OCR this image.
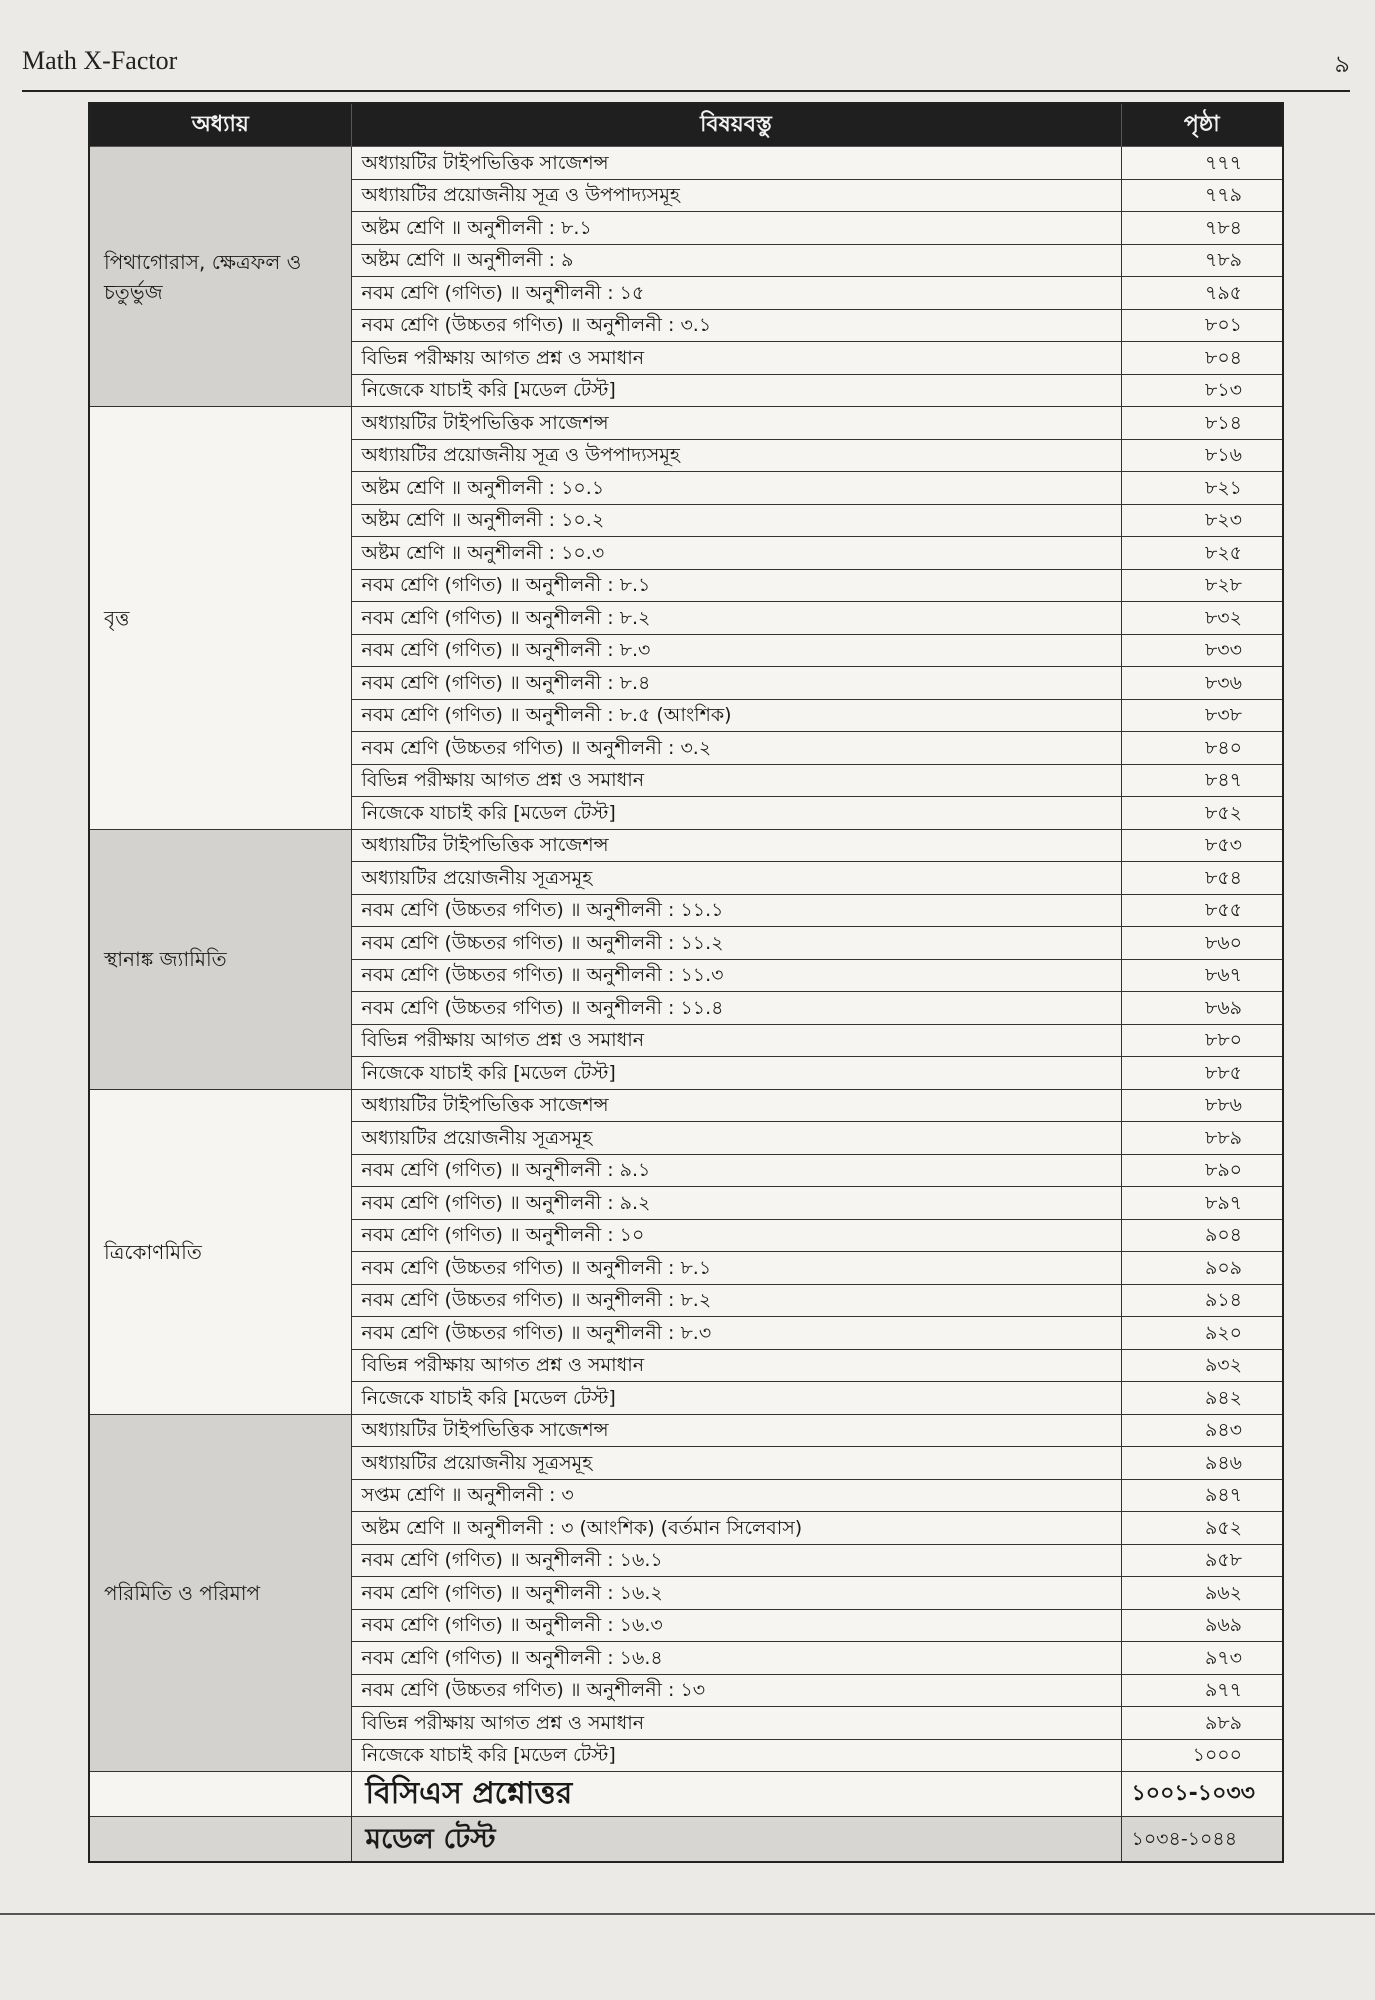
Math X-Factor	৯
অধ্যায়	বিষয়বস্তু	পৃষ্ঠা
পিথাগোরাস, ক্ষেত্রফল ও চতুর্ভুজ	অধ্যায়টির টাইপভিত্তিক সাজেশন্স	৭৭৭
	অধ্যায়টির প্রয়োজনীয় সূত্র ও উপপাদ্যসমূহ	৭৭৯
	অষ্টম শ্রেণি ॥ অনুশীলনী : ৮.১	৭৮৪
	অষ্টম শ্রেণি ॥ অনুশীলনী : ৯	৭৮৯
	নবম শ্রেণি (গণিত) ॥ অনুশীলনী : ১৫	৭৯৫
	নবম শ্রেণি (উচ্চতর গণিত) ॥ অনুশীলনী : ৩.১	৮০১
	বিভিন্ন পরীক্ষায় আগত প্রশ্ন ও সমাধান	৮০৪
	নিজেকে যাচাই করি [মডেল টেস্ট]	৮১৩
বৃত্ত	অধ্যায়টির টাইপভিত্তিক সাজেশন্স	৮১৪
	অধ্যায়টির প্রয়োজনীয় সূত্র ও উপপাদ্যসমূহ	৮১৬
	অষ্টম শ্রেণি ॥ অনুশীলনী : ১০.১	৮২১
	অষ্টম শ্রেণি ॥ অনুশীলনী : ১০.২	৮২৩
	অষ্টম শ্রেণি ॥ অনুশীলনী : ১০.৩	৮২৫
	নবম শ্রেণি (গণিত) ॥ অনুশীলনী : ৮.১	৮২৮
	নবম শ্রেণি (গণিত) ॥ অনুশীলনী : ৮.২	৮৩২
	নবম শ্রেণি (গণিত) ॥ অনুশীলনী : ৮.৩	৮৩৩
	নবম শ্রেণি (গণিত) ॥ অনুশীলনী : ৮.৪	৮৩৬
	নবম শ্রেণি (গণিত) ॥ অনুশীলনী : ৮.৫ (আংশিক)	৮৩৮
	নবম শ্রেণি (উচ্চতর গণিত) ॥ অনুশীলনী : ৩.২	৮৪০
	বিভিন্ন পরীক্ষায় আগত প্রশ্ন ও সমাধান	৮৪৭
	নিজেকে যাচাই করি [মডেল টেস্ট]	৮৫২
স্থানাঙ্ক জ্যামিতি	অধ্যায়টির টাইপভিত্তিক সাজেশন্স	৮৫৩
	অধ্যায়টির প্রয়োজনীয় সূত্রসমূহ	৮৫৪
	নবম শ্রেণি (উচ্চতর গণিত) ॥ অনুশীলনী : ১১.১	৮৫৫
	নবম শ্রেণি (উচ্চতর গণিত) ॥ অনুশীলনী : ১১.২	৮৬০
	নবম শ্রেণি (উচ্চতর গণিত) ॥ অনুশীলনী : ১১.৩	৮৬৭
	নবম শ্রেণি (উচ্চতর গণিত) ॥ অনুশীলনী : ১১.৪	৮৬৯
	বিভিন্ন পরীক্ষায় আগত প্রশ্ন ও সমাধান	৮৮০
	নিজেকে যাচাই করি [মডেল টেস্ট]	৮৮৫
ত্রিকোণমিতি	অধ্যায়টির টাইপভিত্তিক সাজেশন্স	৮৮৬
	অধ্যায়টির প্রয়োজনীয় সূত্রসমূহ	৮৮৯
	নবম শ্রেণি (গণিত) ॥ অনুশীলনী : ৯.১	৮৯০
	নবম শ্রেণি (গণিত) ॥ অনুশীলনী : ৯.২	৮৯৭
	নবম শ্রেণি (গণিত) ॥ অনুশীলনী : ১০	৯০৪
	নবম শ্রেণি (উচ্চতর গণিত) ॥ অনুশীলনী : ৮.১	৯০৯
	নবম শ্রেণি (উচ্চতর গণিত) ॥ অনুশীলনী : ৮.২	৯১৪
	নবম শ্রেণি (উচ্চতর গণিত) ॥ অনুশীলনী : ৮.৩	৯২০
	বিভিন্ন পরীক্ষায় আগত প্রশ্ন ও সমাধান	৯৩২
	নিজেকে যাচাই করি [মডেল টেস্ট]	৯৪২
পরিমিতি ও পরিমাপ	অধ্যায়টির টাইপভিত্তিক সাজেশন্স	৯৪৩
	অধ্যায়টির প্রয়োজনীয় সূত্রসমূহ	৯৪৬
	সপ্তম শ্রেণি ॥ অনুশীলনী : ৩	৯৪৭
	অষ্টম শ্রেণি ॥ অনুশীলনী : ৩ (আংশিক) (বর্তমান সিলেবাস)	৯৫২
	নবম শ্রেণি (গণিত) ॥ অনুশীলনী : ১৬.১	৯৫৮
	নবম শ্রেণি (গণিত) ॥ অনুশীলনী : ১৬.২	৯৬২
	নবম শ্রেণি (গণিত) ॥ অনুশীলনী : ১৬.৩	৯৬৯
	নবম শ্রেণি (গণিত) ॥ অনুশীলনী : ১৬.৪	৯৭৩
	নবম শ্রেণি (উচ্চতর গণিত) ॥ অনুশীলনী : ১৩	৯৭৭
	বিভিন্ন পরীক্ষায় আগত প্রশ্ন ও সমাধান	৯৮৯
	নিজেকে যাচাই করি [মডেল টেস্ট]	১০০০
	বিসিএস প্রশ্নোত্তর	১০০১-১০৩৩
	মডেল টেস্ট	১০৩৪-১০৪৪
